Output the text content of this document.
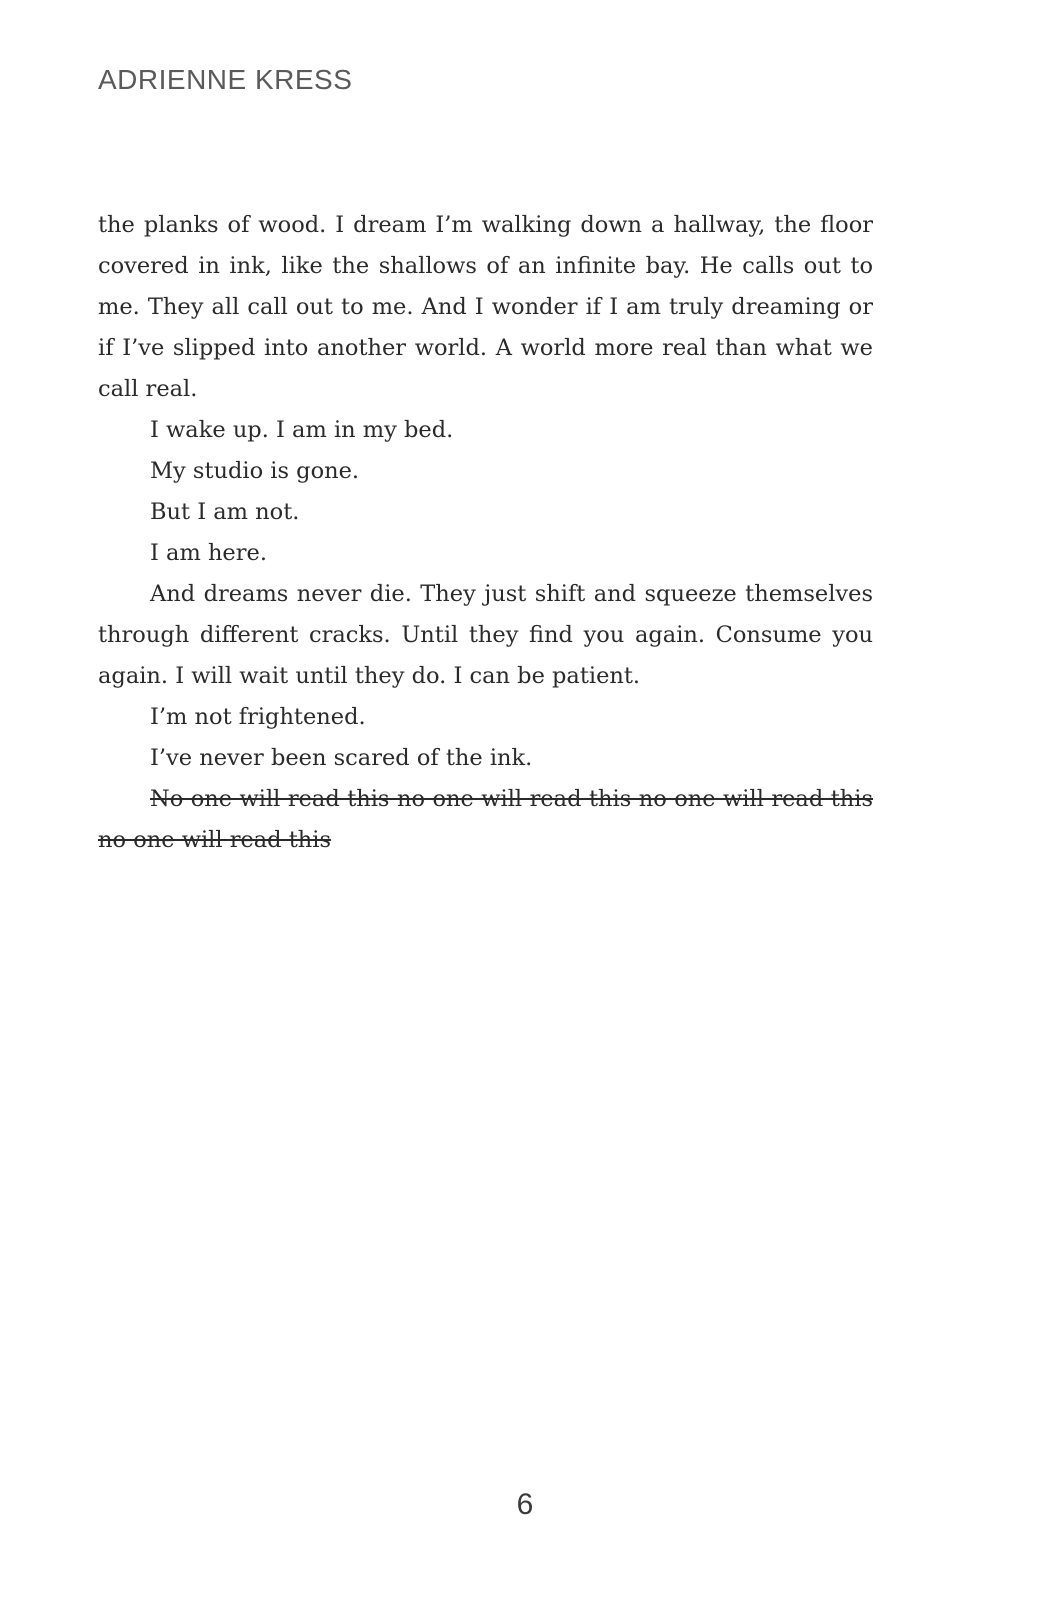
ADRIENNE KRESS

the planks of wood. I dream I’m walking down a hallway, the floor covered in ink, like the shallows of an infinite bay. He calls out to me. They all call out to me. And I wonder if I am truly dreaming or if I’ve slipped into another world. A world more real than what we call real.

I wake up. I am in my bed.

My studio is gone.

But I am not.

I am here.

And dreams never die. They just shift and squeeze themselves through different cracks. Until they find you again. Consume you again. I will wait until they do. I can be patient.

I’m not frightened.

I’ve never been scared of the ink.

No one will read this no one will read this no one will read this no one will read this

6
